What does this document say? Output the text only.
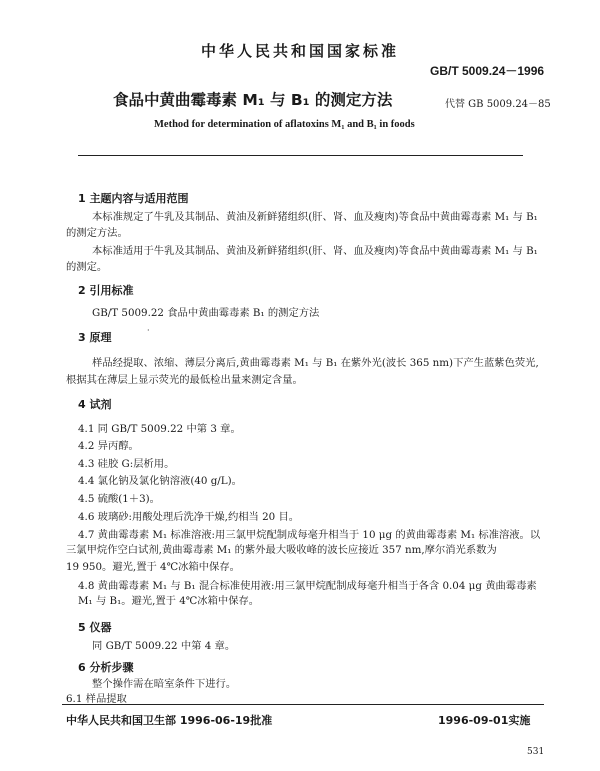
中华人民共和国国家标准
GB/T 5009.24－1996
食品中黄曲霉毒素 M₁ 与 B₁ 的测定方法	代替 GB 5009.24－85
Method for determination of aflatoxins M₁ and B₁ in foods
1 主题内容与适用范围
本标准规定了牛乳及其制品、黄油及新鲜猪组织(肝、肾、血及瘦肉)等食品中黄曲霉毒素 M₁ 与 B₁
的测定方法。
本标准适用于牛乳及其制品、黄油及新鲜猪组织(肝、肾、血及瘦肉)等食品中黄曲霉毒素 M₁ 与 B₁
的测定。
2 引用标准
GB/T 5009.22 食品中黄曲霉毒素 B₁ 的测定方法
3 原理
·
样品经提取、浓缩、薄层分离后,黄曲霉毒素 M₁ 与 B₁ 在紫外光(波长 365 nm)下产生蓝紫色荧光,
根据其在薄层上显示荧光的最低检出量来测定含量。
4 试剂
4.1 同 GB/T 5009.22 中第 3 章。
4.2 异丙醇。
4.3 硅胶 G:层析用。
4.4 氯化钠及氯化钠溶液(40 g/L)。
4.5 硫酸(1＋3)。
4.6 玻璃砂:用酸处理后洗净干燥,约相当 20 目。
4.7 黄曲霉毒素 M₁ 标准溶液:用三氯甲烷配制成每毫升相当于 10 μg 的黄曲霉毒素 M₁ 标准溶液。以
三氯甲烷作空白试剂,黄曲霉毒素 M₁ 的紫外最大吸收峰的波长应接近 357 nm,摩尔消光系数为
19 950。避光,置于 4℃冰箱中保存。
4.8 黄曲霉毒素 M₁ 与 B₁ 混合标准使用液:用三氯甲烷配制成每毫升相当于各含 0.04 μg 黄曲霉毒素
M₁ 与 B₁。避光,置于 4℃冰箱中保存。
5 仪器
同 GB/T 5009.22 中第 4 章。
6 分析步骤
整个操作需在暗室条件下进行。
6.1 样品提取
中华人民共和国卫生部 1996-06-19批准	1996-09-01实施
531
